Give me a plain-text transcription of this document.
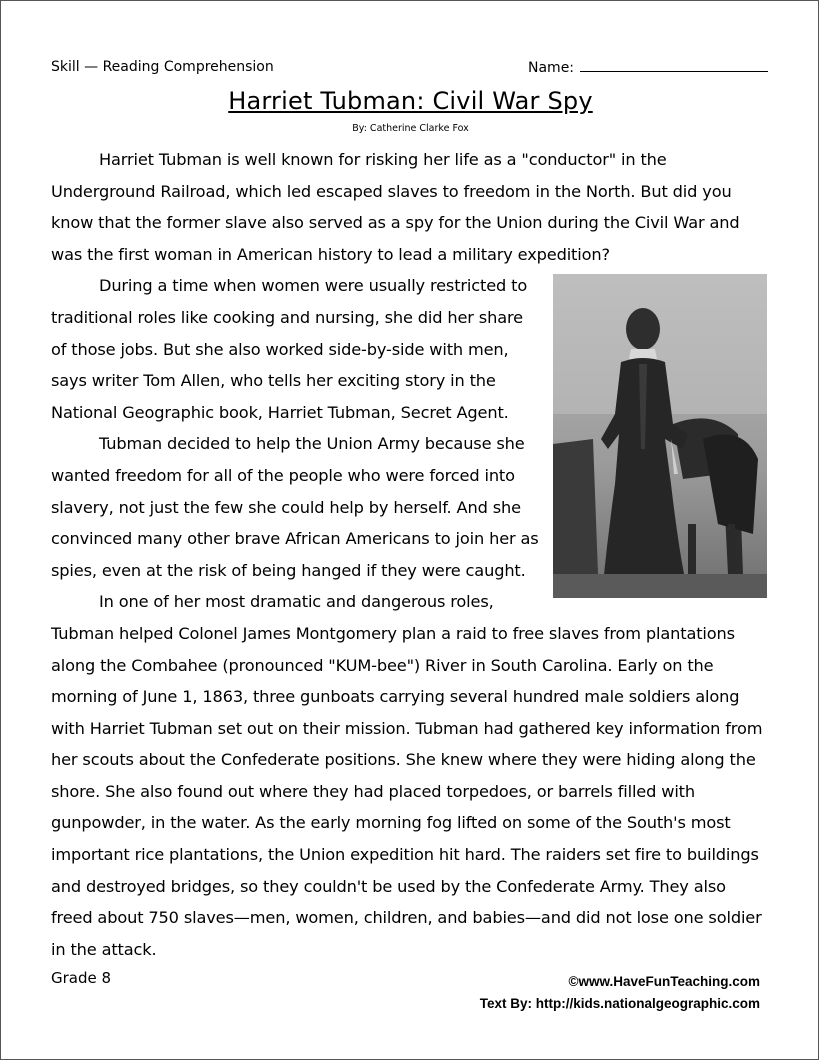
Skill — Reading Comprehension	Name:
Harriet Tubman: Civil War Spy
By: Catherine Clarke Fox

Harriet Tubman is well known for risking her life as a "conductor" in the Underground Railroad, which led escaped slaves to freedom in the North. But did you know that the former slave also served as a spy for the Union during the Civil War and was the first woman in American history to lead a military expedition?

During a time when women were usually restricted to traditional roles like cooking and nursing, she did her share of those jobs. But she also worked side-by-side with men, says writer Tom Allen, who tells her exciting story in the National Geographic book, Harriet Tubman, Secret Agent.

Tubman decided to help the Union Army because she wanted freedom for all of the people who were forced into slavery, not just the few she could help by herself. And she convinced many other brave African Americans to join her as spies, even at the risk of being hanged if they were caught.

In one of her most dramatic and dangerous roles, Tubman helped Colonel James Montgomery plan a raid to free slaves from plantations along the Combahee (pronounced "KUM-bee") River in South Carolina. Early on the morning of June 1, 1863, three gunboats carrying several hundred male soldiers along with Harriet Tubman set out on their mission. Tubman had gathered key information from her scouts about the Confederate positions. She knew where they were hiding along the shore. She also found out where they had placed torpedoes, or barrels filled with gunpowder, in the water. As the early morning fog lifted on some of the South's most important rice plantations, the Union expedition hit hard. The raiders set fire to buildings and destroyed bridges, so they couldn't be used by the Confederate Army. They also freed about 750 slaves—men, women, children, and babies—and did not lose one soldier in the attack.

Grade 8	©www.HaveFunTeaching.com
Text By: http://kids.nationalgeographic.com
